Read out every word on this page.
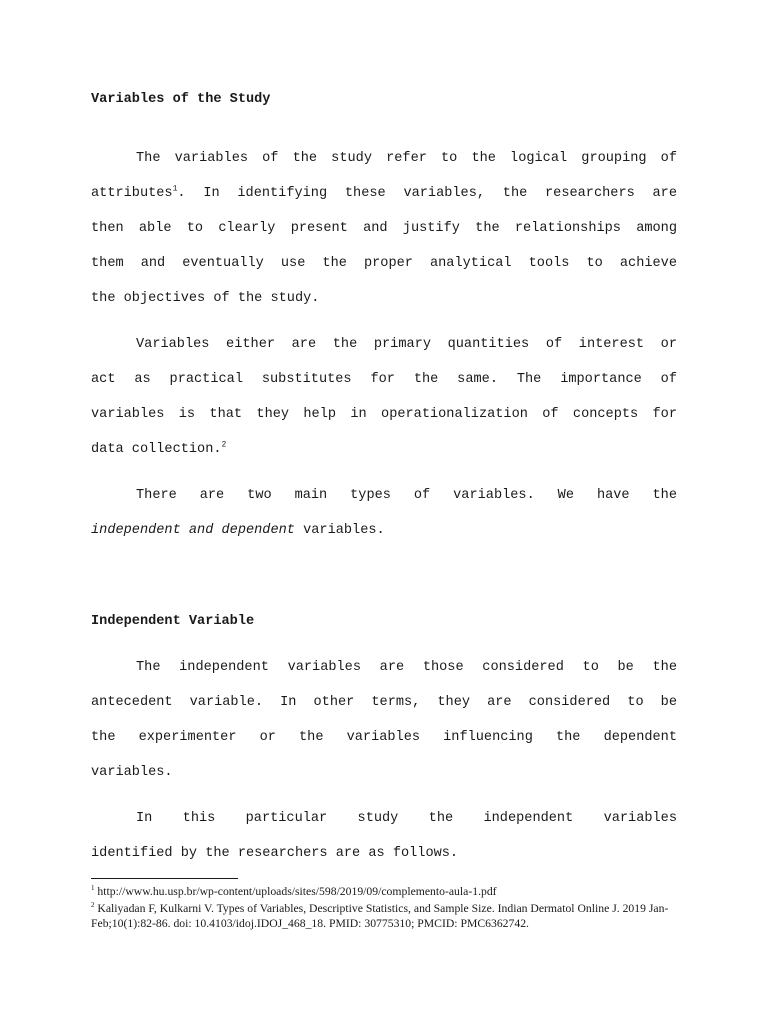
Variables of the Study
The variables of the study refer to the logical grouping of
attributes$^1$. In identifying these variables, the researchers are
then able to clearly present and justify the relationships among
them and eventually use the proper analytical tools to achieve
the objectives of the study.
Variables either are the primary quantities of interest or
act as practical substitutes for the same. The importance of
variables is that they help in operationalization of concepts for
data collection.$^2$
There are two main types of variables. We have the
independent and dependent variables.
Independent Variable
The independent variables are those considered to be the
antecedent variable. In other terms, they are considered to be
the experimenter or the variables influencing the dependent
variables.
In this particular study the independent variables
identified by the researchers are as follows.
$^1$ http://www.hu.usp.br/wp-content/uploads/sites/598/2019/09/complemento-aula-1.pdf
$^2$ Kaliyadan F, Kulkarni V. Types of Variables, Descriptive Statistics, and Sample Size. Indian Dermatol Online J. 2019 Jan-Feb;10(1):82-86. doi: 10.4103/idoj.IDOJ_468_18. PMID: 30775310; PMCID: PMC6362742.
